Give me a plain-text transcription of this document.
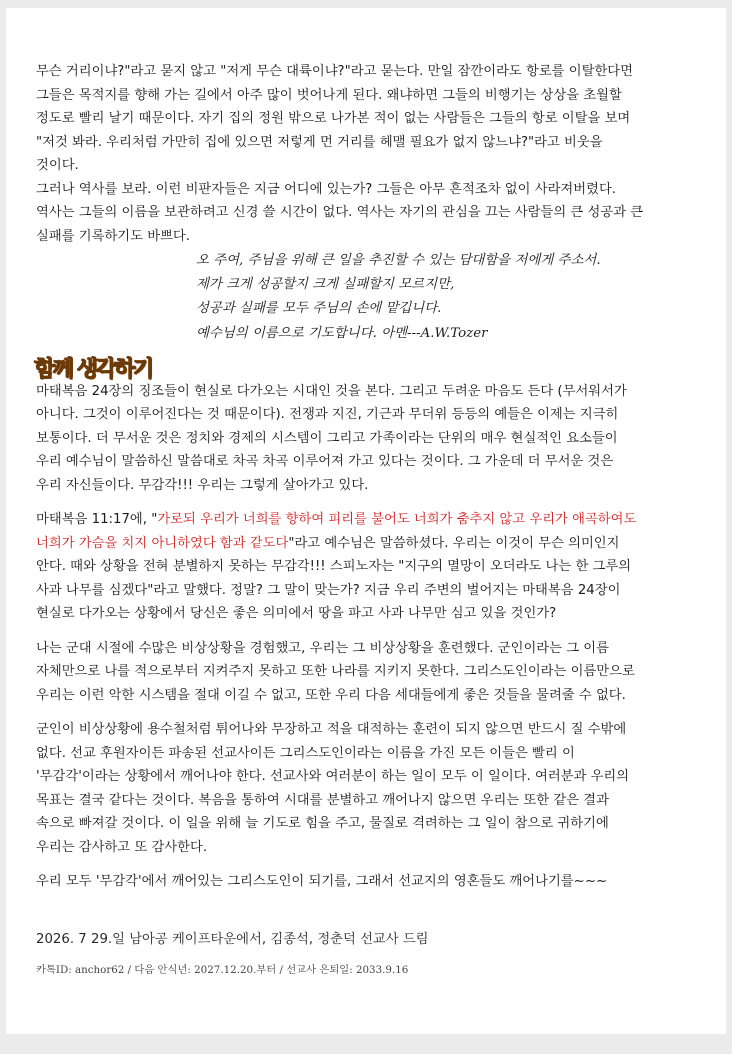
무슨 거리이냐?"라고 묻지 않고 "저게 무슨 대륙이냐?"라고 묻는다. 만일 잠깐이라도 항로를 이탈한다면
그들은 목적지를 향해 가는 길에서 아주 많이 벗어나게 된다. 왜냐하면 그들의 비행기는 상상을 초월할
정도로 빨리 날기 때문이다. 자기 집의 정원 밖으로 나가본 적이 없는 사람들은 그들의 항로 이탈을 보며
"저것 봐라. 우리처럼 가만히 집에 있으면 저렇게 먼 거리를 헤맬 필요가 없지 않느냐?"라고 비웃을
것이다.

그러나 역사를 보라. 이런 비판자들은 지금 어디에 있는가? 그들은 아무 흔적조차 없이 사라져버렸다.
역사는 그들의 이름을 보관하려고 신경 쓸 시간이 없다. 역사는 자기의 관심을 끄는 사람들의 큰 성공과 큰
실패를 기록하기도 바쁘다.

오 주여, 주님을 위해 큰 일을 추진할 수 있는 담대함을 저에게 주소서.
제가 크게 성공할지 크게 실패할지 모르지만,
성공과 실패를 모두 주님의 손에 맡깁니다.
예수님의 이름으로 기도합니다. 아멘---A.W.Tozer
함께 생각하기

마태복음 24장의 징조들이 현실로 다가오는 시대인 것을 본다. 그리고 두려운 마음도 든다 (무서워서가
아니다. 그것이 이루어진다는 것 때문이다). 전쟁과 지진, 기근과 무더위 등등의 예들은 이제는 지극히
보통이다. 더 무서운 것은 정치와 경제의 시스템이 그리고 가족이라는 단위의 매우 현실적인 요소들이
우리 예수님이 말씀하신 말씀대로 차곡 차곡 이루어져 가고 있다는 것이다. 그 가운데 더 무서운 것은
우리 자신들이다. 무감각!!! 우리는 그렇게 살아가고 있다.

마태복음 11:17에, "가로되 우리가 너희를 향하여 피리를 불어도 너희가 춤추지 않고 우리가 애곡하여도
너희가 가슴을 치지 아니하였다 함과 같도다"라고 예수님은 말씀하셨다. 우리는 이것이 무슨 의미인지
안다. 때와 상황을 전혀 분별하지 못하는 무감각!!! 스피노자는 "지구의 멸망이 오더라도 나는 한 그루의
사과 나무를 심겠다"라고 말했다. 정말? 그 말이 맞는가? 지금 우리 주변의 벌어지는 마태복음 24장이
현실로 다가오는 상황에서 당신은 좋은 의미에서 땅을 파고 사과 나무만 심고 있을 것인가?

나는 군대 시절에 수많은 비상상황을 경험했고, 우리는 그 비상상황을 훈련했다. 군인이라는 그 이름
자체만으로 나를 적으로부터 지켜주지 못하고 또한 나라를 지키지 못한다. 그리스도인이라는 이름만으로
우리는 이런 악한 시스템을 절대 이길 수 없고, 또한 우리 다음 세대들에게 좋은 것들을 물려줄 수 없다.

군인이 비상상황에 용수철처럼 튀어나와 무장하고 적을 대적하는 훈련이 되지 않으면 반드시 질 수밖에
없다. 선교 후원자이든 파송된 선교사이든 그리스도인이라는 이름을 가진 모든 이들은 빨리 이
'무감각'이라는 상황에서 깨어나야 한다. 선교사와 여러분이 하는 일이 모두 이 일이다. 여러분과 우리의
목표는 결국 같다는 것이다. 복음을 통하여 시대를 분별하고 깨어나지 않으면 우리는 또한 같은 결과
속으로 빠져갈 것이다. 이 일을 위해 늘 기도로 힘을 주고, 물질로 격려하는 그 일이 참으로 귀하기에
우리는 감사하고 또 감사한다.

우리 모두 '무감각'에서 깨어있는 그리스도인이 되기를, 그래서 선교지의 영혼들도 깨어나기를~~~

2026. 7 29.일 남아공 케이프타운에서, 김종석, 정춘덕 선교사 드림
카톡ID: anchor62 / 다음 안식년: 2027.12.20.부터 / 선교사 은퇴일: 2033.9.16
